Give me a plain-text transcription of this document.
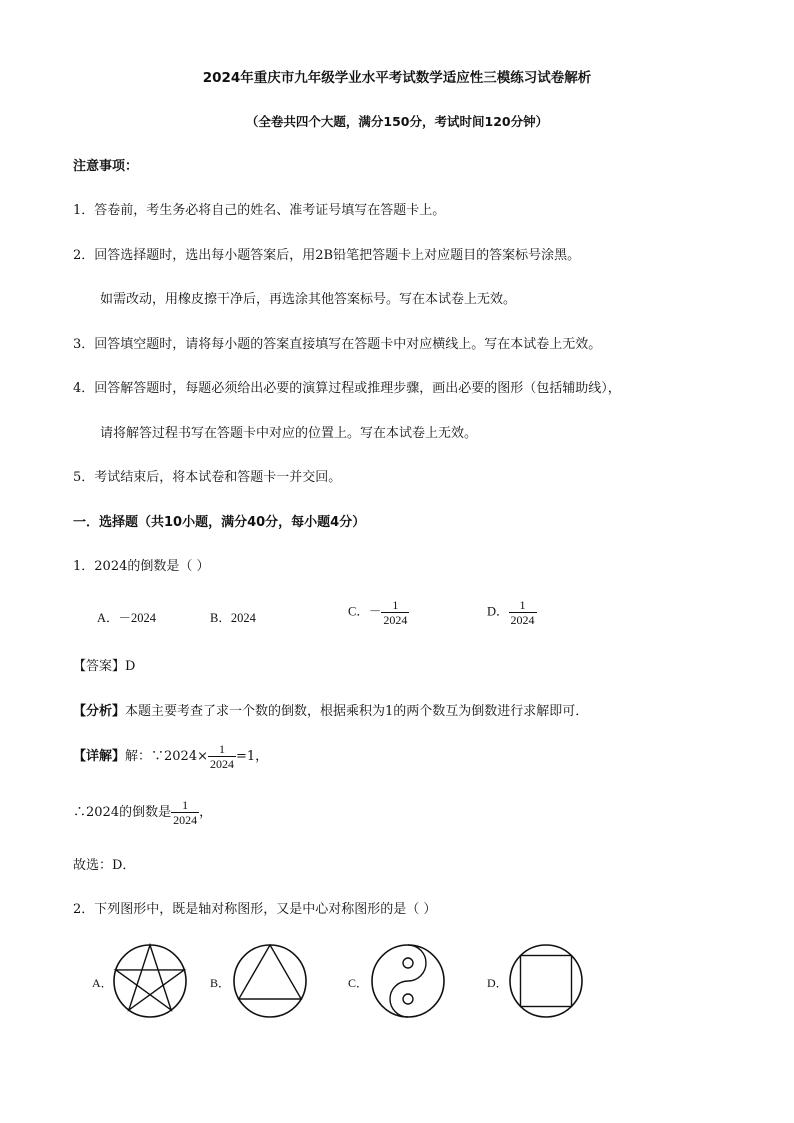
2024年重庆市九年级学业水平考试数学适应性三模练习试卷解析
（全卷共四个大题，满分150分，考试时间120分钟）
注意事项：
1．答卷前，考生务必将自己的姓名、准考证号填写在答题卡上。
2．回答选择题时，选出每小题答案后，用2B铅笔把答题卡上对应题目的答案标号涂黑。
如需改动，用橡皮擦干净后，再选涂其他答案标号。写在本试卷上无效。
3．回答填空题时，请将每小题的答案直接填写在答题卡中对应横线上。写在本试卷上无效。
4．回答解答题时，每题必须给出必要的演算过程或推理步骤，画出必要的图形（包括辅助线），
请将解答过程书写在答题卡中对应的位置上。写在本试卷上无效。
5．考试结束后，将本试卷和答题卡一并交回。
一．选择题（共10小题，满分40分，每小题4分）
1．2024的倒数是（ ）
A．－2024	B．2024	C．－ $\frac{1}{2024}$	D． $\frac{1}{2024}$
【答案】D
【分析】本题主要考查了求一个数的倒数，根据乘积为1的两个数互为倒数进行求解即可．
【详解】解：∵2024× $\frac{1}{2024} =1$，
∴2024的倒数是 $\frac{1}{2024}$ ，
故选：D．
2．下列图形中，既是轴对称图形，又是中心对称图形的是（ ）
A．	B．	C．	D．
